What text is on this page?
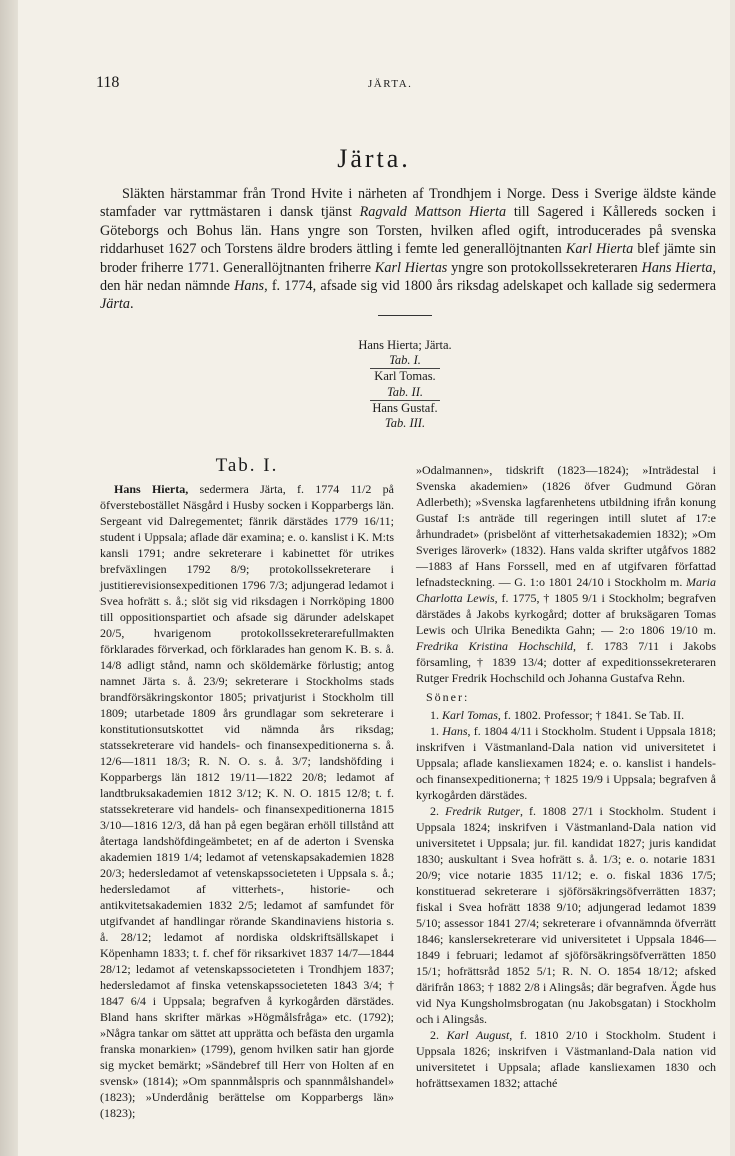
118	JÄRTA.
Järta.

Släkten härstammar från Trond Hvite i närheten af Trondhjem i Norge. Dess i Sverige äldste kände stamfader var ryttmästaren i dansk tjänst Ragvald Mattson Hierta till Sagered i Kållereds socken i Göteborgs och Bohus län. Hans yngre son Torsten, hvilken afled ogift, introducerades på svenska riddarhuset 1627 och Torstens äldre broders ättling i femte led generallöjtnanten Karl Hierta blef jämte sin broder friherre 1771. Generallöjtnanten friherre Karl Hiertas yngre son protokollssekreteraren Hans Hierta, den här nedan nämnde Hans, f. 1774, afsade sig vid 1800 års riksdag adelskapet och kallade sig sedermera Järta.

Hans Hierta; Järta.
Tab. I.
Karl Tomas.
Tab. II.
Hans Gustaf.
Tab. III.
Tab. I.

Hans Hierta, sedermera Järta, f. 1774 11/2 på öfverstebostället Näsgård i Husby socken i Kopparbergs län. Sergeant vid Dalregementet; fänrik därstädes 1779 16/11; student i Uppsala; aflade där examina; e. o. kanslist i K. M:ts kansli 1791; andre sekreterare i kabinettet för utrikes brefväxlingen 1792 8/9; protokollssekreterare i justitierevisionsexpeditionen 1796 7/3; adjungerad ledamot i Svea hofrätt s. å.; slöt sig vid riksdagen i Norrköping 1800 till oppositionspartiet och afsade sig därunder adelskapet 20/5, hvarigenom protokollssekreterarefullmakten förklarades förverkad, och förklarades han genom K. B. s. å. 14/8 adligt stånd, namn och sköldemärke förlustig; antog namnet Järta s. å. 23/9; sekreterare i Stockholms stads brandförsäkringskontor 1805; privatjurist i Stockholm till 1809; utarbetade 1809 års grundlagar som sekreterare i konstitutionsutskottet vid nämnda års riksdag; statssekreterare vid handels- och finansexpeditionerna s. å. 12/6—1811 18/3; R. N. O. s. å. 3/7; landshöfding i Kopparbergs län 1812 19/11—1822 20/8; ledamot af landtbruksakademien 1812 3/12; K. N. O. 1815 12/8; t. f. statssekreterare vid handels- och finansexpeditionerna 1815 3/10—1816 12/3, då han på egen begäran erhöll tillstånd att återtaga landshöfdingeämbetet; en af de aderton i Svenska akademien 1819 1/4; ledamot af vetenskapsakademien 1828 20/3; hedersledamot af vetenskapssocieteten i Uppsala s. å.; hedersledamot af vitterhets-, historie- och antikvitetsakademien 1832 2/5; ledamot af samfundet för utgifvandet af handlingar rörande Skandinaviens historia s. å. 28/12; ledamot af nordiska oldskriftsällskapet i Köpenhamn 1833; t. f. chef för riksarkivet 1837 14/7—1844 28/12; ledamot af vetenskapssocieteten i Trondhjem 1837; hedersledamot af finska vetenskapssocieteten 1843 3/4; † 1847 6/4 i Uppsala; begrafven å kyrkogården därstädes. Bland hans skrifter märkas »Högmålsfråga» etc. (1792); »Några tankar om sättet att upprätta och befästa den urgamla franska monarkien» (1799), genom hvilken satir han gjorde sig mycket bemärkt; »Sändebref till Herr von Holten af en svensk» (1814); »Om spannmålspris och spannmålshandel» (1823); »Underdånig berättelse om Kopparbergs län» (1823);

»Odalmannen», tidskrift (1823—1824); »Inträdestal i Svenska akademien» (1826 öfver Gudmund Göran Adlerbeth); »Svenska lagfarenhetens utbildning ifrån konung Gustaf I:s anträde till regeringen intill slutet af 17:e århundradet» (prisbelönt af vitterhetsakademien 1832); »Om Sveriges läroverk» (1832). Hans valda skrifter utgåfvos 1882—1883 af Hans Forssell, med en af utgifvaren författad lefnadsteckning. — G. 1:o 1801 24/10 i Stockholm m. Maria Charlotta Lewis, f. 1775, † 1805 9/1 i Stockholm; begrafven därstädes å Jakobs kyrkogård; dotter af bruksägaren Tomas Lewis och Ulrika Benedikta Gahn; — 2:o 1806 19/10 m. Fredrika Kristina Hochschild, f. 1783 7/11 i Jakobs församling, † 1839 13/4; dotter af expeditionssekreteraren Rutger Fredrik Hochschild och Johanna Gustafva Rehn.

Söner:

1. Karl Tomas, f. 1802. Professor; † 1841. Se Tab. II.

1. Hans, f. 1804 4/11 i Stockholm. Student i Uppsala 1818; inskrifven i Västmanland-Dala nation vid universitetet i Uppsala; aflade kansliexamen 1824; e. o. kanslist i handels- och finansexpeditionerna; † 1825 19/9 i Uppsala; begrafven å kyrkogården därstädes.

2. Fredrik Rutger, f. 1808 27/1 i Stockholm. Student i Uppsala 1824; inskrifven i Västmanland-Dala nation vid universitetet i Uppsala; jur. fil. kandidat 1827; juris kandidat 1830; auskultant i Svea hofrätt s. å. 1/3; e. o. notarie 1831 20/9; vice notarie 1835 11/12; e. o. fiskal 1836 17/5; konstituerad sekreterare i sjöförsäkringsöfverrätten 1837; fiskal i Svea hofrätt 1838 9/10; adjungerad ledamot 1839 5/10; assessor 1841 27/4; sekreterare i ofvannämnda öfverrätt 1846; kanslersekreterare vid universitetet i Uppsala 1846—1849 i februari; ledamot af sjöförsäkringsöfverrätten 1850 15/1; hofrättsråd 1852 5/1; R. N. O. 1854 18/12; afsked därifrån 1863; † 1882 2/8 i Alingsås; där begrafven. Ägde hus vid Nya Kungsholmsbrogatan (nu Jakobsgatan) i Stockholm och i Alingsås.

2. Karl August, f. 1810 2/10 i Stockholm. Student i Uppsala 1826; inskrifven i Västmanland-Dala nation vid universitetet i Uppsala; aflade kansliexamen 1830 och hofrättsexamen 1832; attaché
